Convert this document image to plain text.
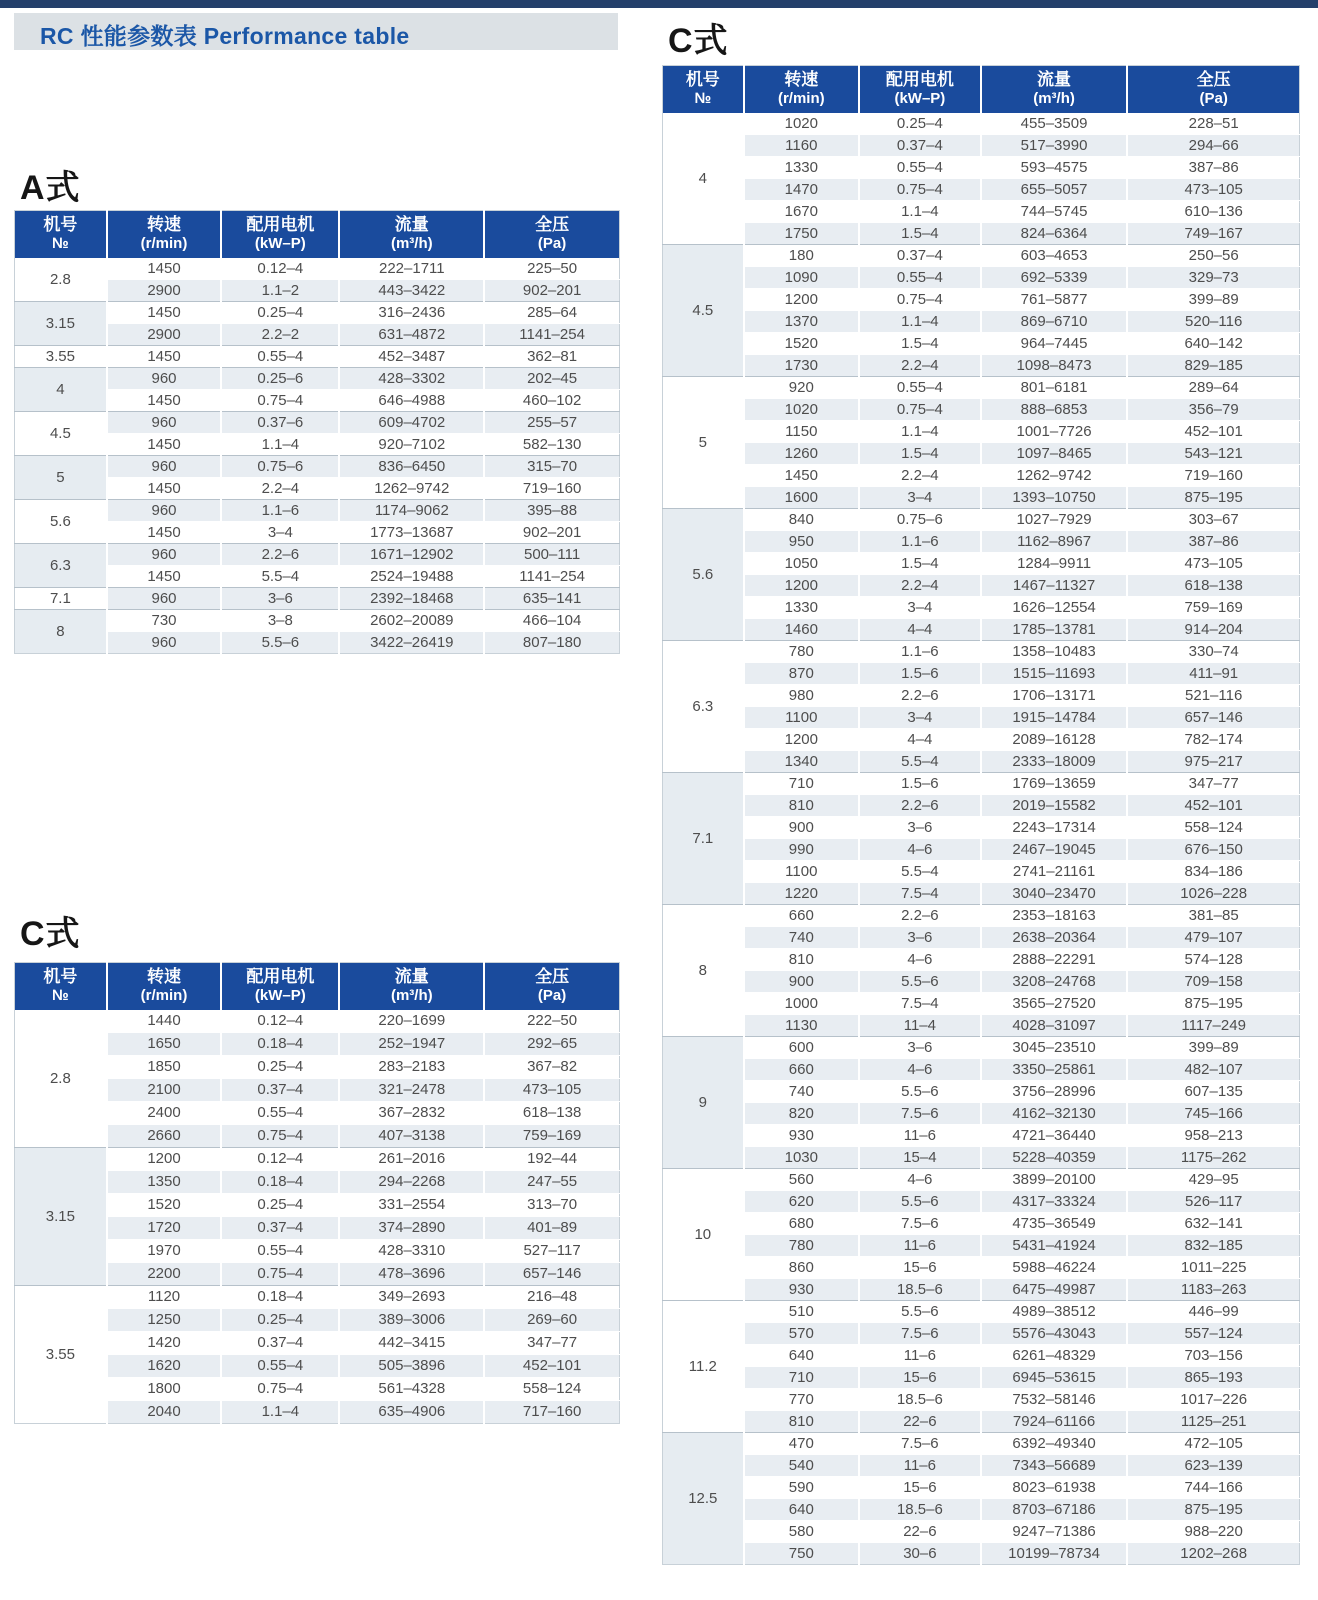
RC 性能参数表 Performance table
A式
机号
№

转速
(r/min)

配用电机
(kW–P)

流量
(m³/h)

全压
(Pa)

2.8	1450	0.12–4	222–1711	225–50
	2900	1.1–2	443–3422	902–201
3.15	1450	0.25–4	316–2436	285–64
	2900	2.2–2	631–4872	1141–254
3.55	1450	0.55–4	452–3487	362–81
4	960	0.25–6	428–3302	202–45
	1450	0.75–4	646–4988	460–102
4.5	960	0.37–6	609–4702	255–57
	1450	1.1–4	920–7102	582–130
5	960	0.75–6	836–6450	315–70
	1450	2.2–4	1262–9742	719–160
5.6	960	1.1–6	1174–9062	395–88
	1450	3–4	1773–13687	902–201
6.3	960	2.2–6	1671–12902	500–111
	1450	5.5–4	2524–19488	1141–254
7.1	960	3–6	2392–18468	635–141
8	730	3–8	2602–20089	466–104
	960	5.5–6	3422–26419	807–180
C式
机号
№

转速
(r/min)

配用电机
(kW–P)

流量
(m³/h)

全压
(Pa)

2.8	1440	0.12–4	220–1699	222–50
	1650	0.18–4	252–1947	292–65
	1850	0.25–4	283–2183	367–82
	2100	0.37–4	321–2478	473–105
	2400	0.55–4	367–2832	618–138
	2660	0.75–4	407–3138	759–169
3.15	1200	0.12–4	261–2016	192–44
	1350	0.18–4	294–2268	247–55
	1520	0.25–4	331–2554	313–70
	1720	0.37–4	374–2890	401–89
	1970	0.55–4	428–3310	527–117
	2200	0.75–4	478–3696	657–146
3.55	1120	0.18–4	349–2693	216–48
	1250	0.25–4	389–3006	269–60
	1420	0.37–4	442–3415	347–77
	1620	0.55–4	505–3896	452–101
	1800	0.75–4	561–4328	558–124
	2040	1.1–4	635–4906	717–160
C式
机号
№

转速
(r/min)

配用电机
(kW–P)

流量
(m³/h)

全压
(Pa)

4	1020	0.25–4	455–3509	228–51
	1160	0.37–4	517–3990	294–66
	1330	0.55–4	593–4575	387–86
	1470	0.75–4	655–5057	473–105
	1670	1.1–4	744–5745	610–136
	1750	1.5–4	824–6364	749–167
4.5	180	0.37–4	603–4653	250–56
	1090	0.55–4	692–5339	329–73
	1200	0.75–4	761–5877	399–89
	1370	1.1–4	869–6710	520–116
	1520	1.5–4	964–7445	640–142
	1730	2.2–4	1098–8473	829–185
5	920	0.55–4	801–6181	289–64
	1020	0.75–4	888–6853	356–79
	1150	1.1–4	1001–7726	452–101
	1260	1.5–4	1097–8465	543–121
	1450	2.2–4	1262–9742	719–160
	1600	3–4	1393–10750	875–195
5.6	840	0.75–6	1027–7929	303–67
	950	1.1–6	1162–8967	387–86
	1050	1.5–4	1284–9911	473–105
	1200	2.2–4	1467–11327	618–138
	1330	3–4	1626–12554	759–169
	1460	4–4	1785–13781	914–204
6.3	780	1.1–6	1358–10483	330–74
	870	1.5–6	1515–11693	411–91
	980	2.2–6	1706–13171	521–116
	1100	3–4	1915–14784	657–146
	1200	4–4	2089–16128	782–174
	1340	5.5–4	2333–18009	975–217
7.1	710	1.5–6	1769–13659	347–77
	810	2.2–6	2019–15582	452–101
	900	3–6	2243–17314	558–124
	990	4–6	2467–19045	676–150
	1100	5.5–4	2741–21161	834–186
	1220	7.5–4	3040–23470	1026–228
8	660	2.2–6	2353–18163	381–85
	740	3–6	2638–20364	479–107
	810	4–6	2888–22291	574–128
	900	5.5–6	3208–24768	709–158
	1000	7.5–4	3565–27520	875–195
	1130	11–4	4028–31097	1117–249
9	600	3–6	3045–23510	399–89
	660	4–6	3350–25861	482–107
	740	5.5–6	3756–28996	607–135
	820	7.5–6	4162–32130	745–166
	930	11–6	4721–36440	958–213
	1030	15–4	5228–40359	1175–262
10	560	4–6	3899–20100	429–95
	620	5.5–6	4317–33324	526–117
	680	7.5–6	4735–36549	632–141
	780	11–6	5431–41924	832–185
	860	15–6	5988–46224	1011–225
	930	18.5–6	6475–49987	1183–263
11.2	510	5.5–6	4989–38512	446–99
	570	7.5–6	5576–43043	557–124
	640	11–6	6261–48329	703–156
	710	15–6	6945–53615	865–193
	770	18.5–6	7532–58146	1017–226
	810	22–6	7924–61166	1125–251
12.5	470	7.5–6	6392–49340	472–105
	540	11–6	7343–56689	623–139
	590	15–6	8023–61938	744–166
	640	18.5–6	8703–67186	875–195
	580	22–6	9247–71386	988–220
	750	30–6	10199–78734	1202–268
